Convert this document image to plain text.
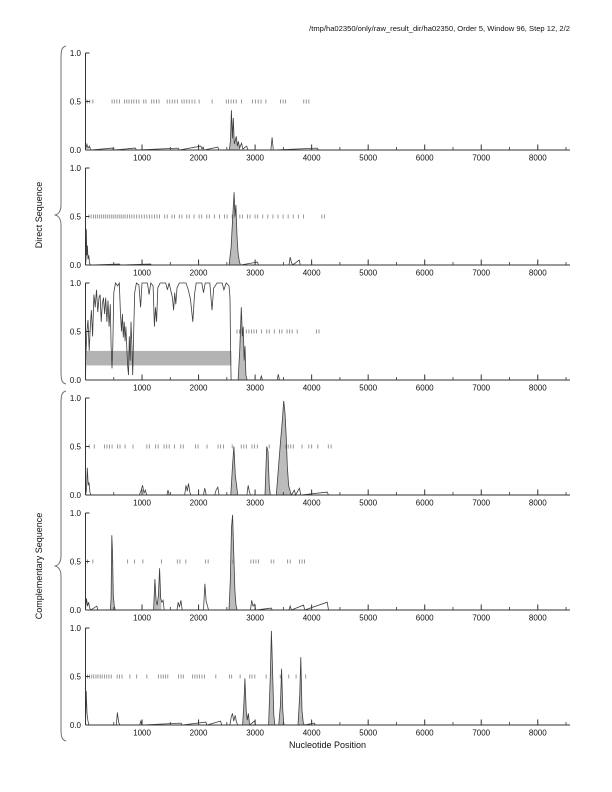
/tmp/ha02350/only/raw_result_dir/ha02350, Order 5, Window 96, Step 12, 2/2
0.0
0.5
1.0
1000	2000	3000	4000	5000	6000	7000	8000
0.0
0.5
1.0
1000	2000	3000	4000	5000	6000	7000	8000
0.0
0.5
1.0
1000	2000	3000	4000	5000	6000	7000	8000
0.0
0.5
1.0
1000	2000	3000	4000	5000	6000	7000	8000
0.0
0.5
1.0
1000	2000	3000	4000	5000	6000	7000	8000
0.0
0.5
1.0
1000	2000	3000	4000	5000	6000	7000	8000
Direct Sequence
Complementary Sequence
Nucleotide Position
